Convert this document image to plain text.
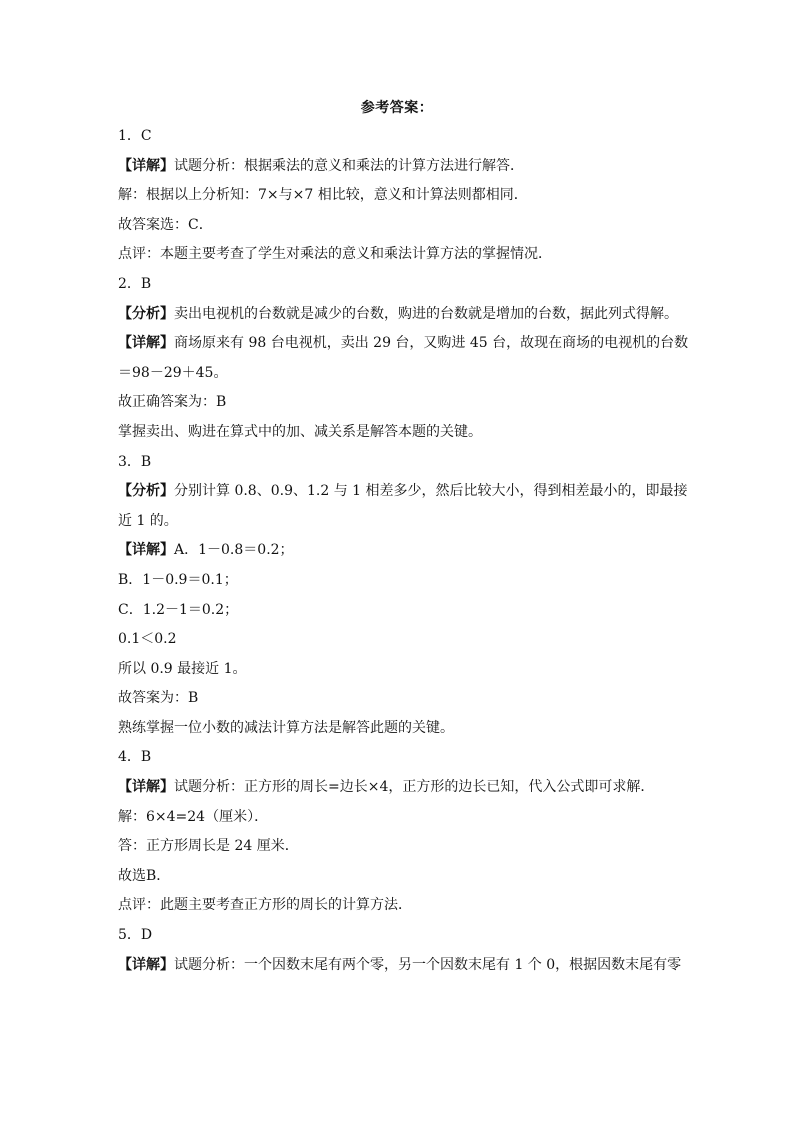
参考答案：
1．C
【详解】试题分析：根据乘法的意义和乘法的计算方法进行解答．
解：根据以上分析知：7×与×7 相比较，意义和计算法则都相同．
故答案选：C．
点评：本题主要考查了学生对乘法的意义和乘法计算方法的掌握情况．
2．B
【分析】卖出电视机的台数就是减少的台数，购进的台数就是增加的台数，据此列式得解。
【详解】商场原来有 98 台电视机，卖出 29 台，又购进 45 台，故现在商场的电视机的台数
＝98－29＋45。
故正确答案为：B
掌握卖出、购进在算式中的加、减关系是解答本题的关键。
3．B
【分析】分别计算 0.8、0.9、1.2 与 1 相差多少，然后比较大小，得到相差最小的，即最接
近 1 的。
【详解】A．1－0.8＝0.2；
B．1－0.9＝0.1；
C．1.2－1＝0.2；
0.1＜0.2
所以 0.9 最接近 1。
故答案为：B
熟练掌握一位小数的减法计算方法是解答此题的关键。
4．B
【详解】试题分析：正方形的周长=边长×4，正方形的边长已知，代入公式即可求解．
解：6×4=24（厘米）．
答：正方形周长是 24 厘米．
故选B．
点评：此题主要考查正方形的周长的计算方法．
5．D
【详解】试题分析：一个因数末尾有两个零，另一个因数末尾有 1 个 0，根据因数末尾有零
